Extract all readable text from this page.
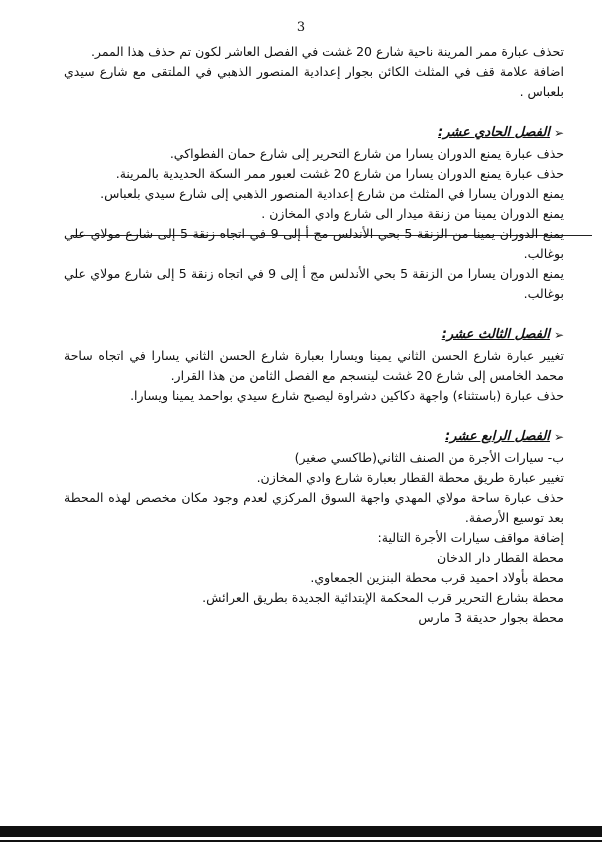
3

تحذف عبارة ممر المرينة ناحية شارع 20 غشت في الفصل العاشر لكون تم حذف هذا الممر.

اضافة علامة قف في المثلث الكائن بجوار إعدادية المنصور الذهبي في الملتقى مع شارع سيدي بلعباس .

➢
الفصل الحادي عشر:

حذف عبارة يمنع الدوران يسارا من شارع التحرير إلى شارع حمان الفطواكي.

حذف عبارة يمنع الدوران يسارا من شارع 20 غشت لعبور ممر السكة الحديدية بالمرينة.

يمنع الدوران يسارا في المثلث من شارع إعدادية المنصور الذهبي إلى شارع سيدي بلعباس.

يمنع الدوران يمينا من زنقة ميدار الى شارع وادي المخازن .

يمنع الدوران يمينا من الزنقة 5 بحي الأندلس مج أ إلى 9 في اتجاه زنقة 5 إلى شارع مولاي علي بوغالب.

يمنع الدوران يسارا من الزنقة 5 بحي الأندلس مج أ إلى 9 في اتجاه زنقة 5 إلى شارع مولاي علي بوغالب.

➢
الفصل الثالث عشر:

تغيير عبارة شارع الحسن الثاني يمينا ويسارا بعبارة شارع الحسن الثاني يسارا في اتجاه ساحة محمد الخامس إلى شارع 20 غشت لينسجم مع الفصل الثامن من هذا القرار.

حذف عبارة (باستثناء) واجهة دكاكين دشراوة ليصبح شارع سيدي بواحمد يمينا ويسارا.

➢
الفصل الرابع عشر:

ب- سيارات الأجرة من الصنف الثاني(طاكسي صغير)

تغيير عبارة طريق محطة القطار بعبارة شارع وادي المخازن.

حذف عبارة ساحة مولاي المهدي واجهة السوق المركزي لعدم وجود مكان مخصص لهذه المحطة بعد توسيع الأرصفة.

إضافة مواقف سيارات الأجرة التالية:

محطة القطار دار الدخان

محطة بأولاد احميد قرب محطة البنزين الجمعاوي.

محطة بشارع التحرير قرب المحكمة الإبتدائية الجديدة بطريق العرائش.

محطة بجوار حديقة 3 مارس
